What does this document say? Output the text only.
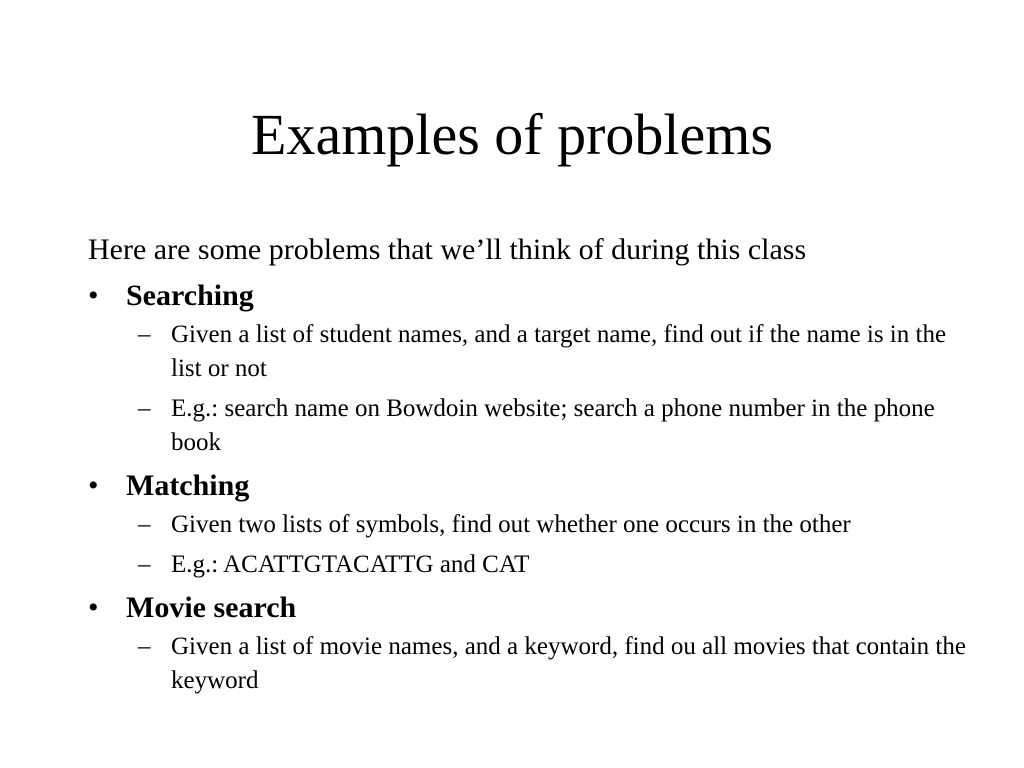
Examples of problems

Here are some problems that we’ll think of during this class

• Searching
– Given a list of student names, and a target name, find out if the name is in the list or not
– E.g.: search name on Bowdoin website; search a phone number in the phone book
• Matching
– Given two lists of symbols, find out whether one occurs in the other
– E.g.: ACATTGTACATTG and CAT
• Movie search
– Given a list of movie names, and a keyword, find ou all movies that contain the keyword
